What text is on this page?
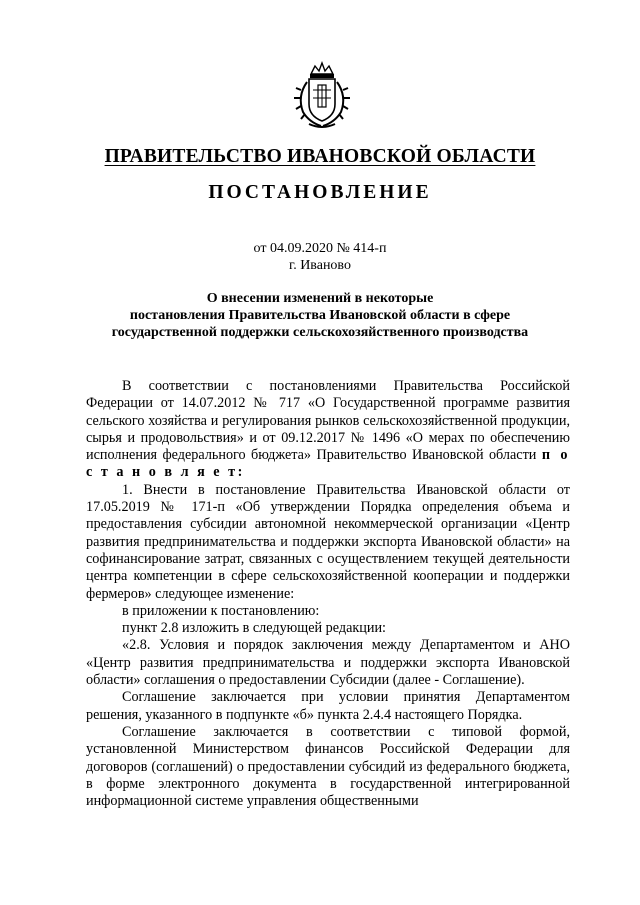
ПРАВИТЕЛЬСТВО ИВАНОВСКОЙ ОБЛАСТИ
ПОСТАНОВЛЕНИЕ
от 04.09.2020 № 414-п
г. Иваново
О внесении изменений в некоторые
постановления Правительства Ивановской области в сфере
государственной поддержки сельскохозяйственного производства

В соответствии с постановлениями Правительства Российской Федерации от 14.07.2012 № 717 «О Государственной программе развития сельского хозяйства и регулирования рынков сельскохозяйственной продукции, сырья и продовольствия» и от 09.12.2017 № 1496 «О мерах по обеспечению исполнения федерального бюджета» Правительство Ивановской области п о с т а н о в л я е т:

1. Внести в постановление Правительства Ивановской области от 17.05.2019 № 171-п «Об утверждении Порядка определения объема и предоставления субсидии автономной некоммерческой организации «Центр развития предпринимательства и поддержки экспорта Ивановской области» на софинансирование затрат, связанных с осуществлением текущей деятельности центра компетенции в сфере сельскохозяйственной кооперации и поддержки фермеров» следующее изменение:

в приложении к постановлению:

пункт 2.8 изложить в следующей редакции:

«2.8. Условия и порядок заключения между Департаментом и АНО «Центр развития предпринимательства и поддержки экспорта Ивановской области» соглашения о предоставлении Субсидии (далее - Соглашение).

Соглашение заключается при условии принятия Департаментом решения, указанного в подпункте «б» пункта 2.4.4 настоящего Порядка.

Соглашение заключается в соответствии с типовой формой, установленной Министерством финансов Российской Федерации для договоров (соглашений) о предоставлении субсидий из федерального бюджета, в форме электронного документа в государственной интегрированной информационной системе управления общественными
